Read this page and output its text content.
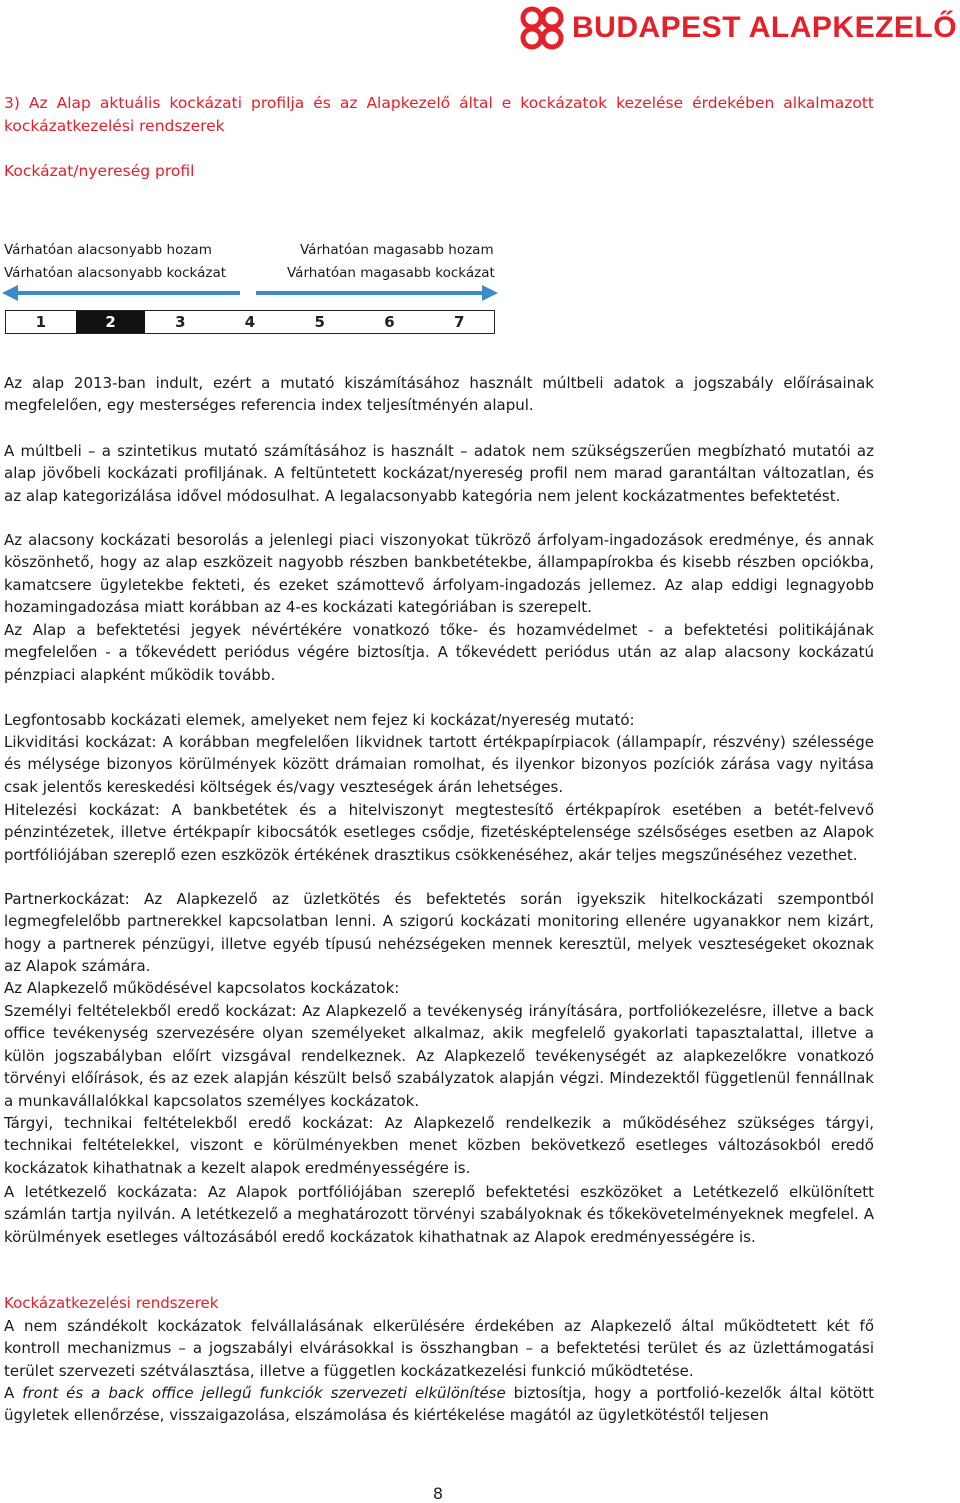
BUDAPEST ALAPKEZELŐ
3) Az Alap aktuális kockázati profilja és az Alapkezelő által e kockázatok kezelése érdekében alkalmazott kockázatkezelési rendszerek
Kockázat/nyereség profil
Várhatóan alacsonyabb hozam
Várhatóan alacsonyabb kockázat
Várhatóan magasabb hozam
Várhatóan magasabb kockázat
1	2	3	4	5	6	7

Az alap 2013-ban indult, ezért a mutató kiszámításához használt múltbeli adatok a jogszabály előírásainak megfelelően, egy mesterséges referencia index teljesítményén alapul.

A múltbeli – a szintetikus mutató számításához is használt – adatok nem szükségszerűen megbízható mutatói az alap jövőbeli kockázati profiljának. A feltüntetett kockázat/nyereség profil nem marad garantáltan változatlan, és az alap kategorizálása idővel módosulhat. A legalacsonyabb kategória nem jelent kockázatmentes befektetést.

Az alacsony kockázati besorolás a jelenlegi piaci viszonyokat tükröző árfolyam-ingadozások eredménye, és annak köszönhető, hogy az alap eszközeit nagyobb részben bankbetétekbe, állampapírokba és kisebb részben opciókba, kamatcsere ügyletekbe fekteti, és ezeket számottevő árfolyam-ingadozás jellemez. Az alap eddigi legnagyobb hozamingadozása miatt korábban az 4-es kockázati kategóriában is szerepelt.

Az Alap a befektetési jegyek névértékére vonatkozó tőke- és hozamvédelmet - a befektetési politikájának megfelelően - a tőkevédett periódus végére biztosítja. A tőkevédett periódus után az alap alacsony kockázatú pénzpiaci alapként működik tovább.

Legfontosabb kockázati elemek, amelyeket nem fejez ki kockázat/nyereség mutató:

Likviditási kockázat: A korábban megfelelően likvidnek tartott értékpapírpiacok (állampapír, részvény) szélessége és mélysége bizonyos körülmények között drámaian romolhat, és ilyenkor bizonyos pozíciók zárása vagy nyitása csak jelentős kereskedési költségek és/vagy veszteségek árán lehetséges.

Hitelezési kockázat: A bankbetétek és a hitelviszonyt megtestesítő értékpapírok esetében a betét-felvevő pénzintézetek, illetve értékpapír kibocsátók esetleges csődje, fizetésképtelensége szélsőséges esetben az Alapok portfóliójában szereplő ezen eszközök értékének drasztikus csökkenéséhez, akár teljes megszűnéséhez vezethet.

Partnerkockázat: Az Alapkezelő az üzletkötés és befektetés során igyekszik hitelkockázati szempontból legmegfelelőbb partnerekkel kapcsolatban lenni. A szigorú kockázati monitoring ellenére ugyanakkor nem kizárt, hogy a partnerek pénzügyi, illetve egyéb típusú nehézségeken mennek keresztül, melyek veszteségeket okoznak az Alapok számára.

Az Alapkezelő működésével kapcsolatos kockázatok:

Személyi feltételekből eredő kockázat: Az Alapkezelő a tevékenység irányítására, portfoliókezelésre, illetve a back office tevékenység szervezésére olyan személyeket alkalmaz, akik megfelelő gyakorlati tapasztalattal, illetve a külön jogszabályban előírt vizsgával rendelkeznek. Az Alapkezelő tevékenységét az alapkezelőkre vonatkozó törvényi előírások, és az ezek alapján készült belső szabályzatok alapján végzi. Mindezektől függetlenül fennállnak a munkavállalókkal kapcsolatos személyes kockázatok.

Tárgyi, technikai feltételekből eredő kockázat: Az Alapkezelő rendelkezik a működéséhez szükséges tárgyi, technikai feltételekkel, viszont e körülményekben menet közben bekövetkező esetleges változásokból eredő kockázatok kihathatnak a kezelt alapok eredményességére is.

A letétkezelő kockázata: Az Alapok portfóliójában szereplő befektetési eszközöket a Letétkezelő elkülönített számlán tartja nyilván. A letétkezelő a meghatározott törvényi szabályoknak és tőkekövetelményeknek megfelel. A körülmények esetleges változásából eredő kockázatok kihathatnak az Alapok eredményességére is.

Kockázatkezelési rendszerek

A nem szándékolt kockázatok felvállalásának elkerülésére érdekében az Alapkezelő által működtetett két fő kontroll mechanizmus – a jogszabályi elvárásokkal is összhangban – a befektetési terület és az üzlettámogatási terület szervezeti szétválasztása, illetve a független kockázatkezelési funkció működtetése.

A front és a back office jellegű funkciók szervezeti elkülönítése biztosítja, hogy a portfolió-kezelők által kötött ügyletek ellenőrzése, visszaigazolása, elszámolása és kiértékelése magától az ügyletkötéstől teljesen

8
